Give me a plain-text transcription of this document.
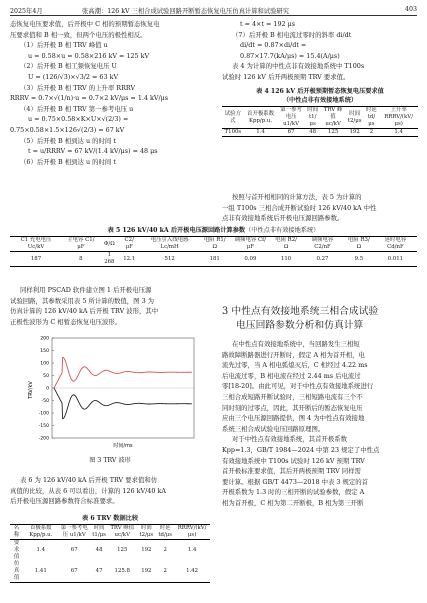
2025年4月	张高潮：126 kV 三相合成试验回路开断暂态恢复电压仿真计算和试验研究	403
态恢复电压要求值，后开极中 C 相的预期暂态恢复电
压要求值和 B 相一致，但两个电压的极性相反。
（1）后开极 B 相 TRV 峰值 u
u = 0.58×u = 0.58×216 kV = 125 kV
（2）后开极 B 相工频恢复电压 U
U = (126/√3)×√3/2 = 63 kV
（3）后开极 B 相 TRV 的上升率 RRRV
RRRV = 0.7×√(1/n)·u = 0.7×2 kV/μs = 1.4 kV/μs
（4）后开极 B 相 TRV 第一参考电压 u
u = 0.75×0.58×K×U×√(2/3) =
0.75×0.58×1.5×126√(2/3) = 67 kV
（5）后开极 B 相到达 u 的时间 t
t = u/RRRV = 67 kV/(1.4 kV/μs) = 48 μs
（6）后开极 B 相到达 u 的时间 t
t = 4×t = 192 μs
（7）后开极 B 相电流过零时的斜率 di/dt
di/dt = 0.87×di/dt =
0.87×17.7(kA/μs) = 15.4(A/μs)
表 4 为计算的中性点非有效接地系统中 T100s
试验时 126 kV 后开两极预期 TRV 要求值。
表 4 126 kV 后开极预期暂态恢复电压要求值
（中性点非有效接地系统）
试验方式	首开极系数 Kpp/p.u.	第一参考电压 u1/kV	时间 t1/μs	TRV 峰值 uc/kV	时间 t2/μs	时延 td/μs	上升率 RRRV/(kV/μs)
T100s	1.4	67	48	125	192	2	1.4
按照与首开相相同的计算方法，表 5 为计算的
一组 T100s 三相合成开断试验时 126 kV/40 kA 中性
点非有效接地系统后开极电压源回路参数。
表 5 126 kV/40 kA 后开极电压源回路计算参数（中性点非有效接地系统）
C1 充电电压 Uc/kV	主电容 C1/μF	Φ/Ω	C2/μF	电压引入线电感 Lc/mH	电阻 R1/Ω	调频电容 Cf/μF	电阻 R2/Ω	调频电容 C2/nF	电阻 R3/Ω	延时电容 Cd/nF
187	8	1 268	12.1	512	181	0.09	110	0.27	9.5	0.011
同样利用 PSCAD 软件建立图 1 后开极电压源
试验回路，其参数采用表 5 所计算的数值，图 3 为
仿真计算的 126 kV/40 kA 后开极 TRV 波形，其中
正极性波形为 C 相暂态恢复电压波形。
TRV/kV
200
150
100
50
0
-50
-100
-150
-200
时间/ms
图 3 TRV 波形
表 6 为 126 kV/40 kA 后开极 TRV 要求值和仿
真值的比较，从表 6 可以看出，计算的 126 kV/40 kA
后开极电压源回路参数符合标准要求。
表 6 TRV 数据比较
名称	首极系数 Kpp/p.u.	第一参考电压 u1/kV	时间 t1/μs	TRV 峰值 uc/kV	时间 t2/μs	时延 td/μs	RRRV/(kV/μs)
要求值	1.4	67	48	125	192	2	1.4
仿真值	1.41	67	47	125.8	192	2	1.42
3 中性点有效接地系统三相合成试验
电压回路参数分析和仿真计算
在中性点有效接地系统中，当回路发生三相短
路故障断路器进行开断时，假定 A 相为首开相，电
流先过零，当 A 相电弧熄灭后，C 相经过 4.22 ms
后电流过零，B 相电流在经过 2.44 ms 后电流过
零[18-20]。由此可见，对于中性点有效接地系统进行
三相合成短路开断试验时，三相短路电流有三个不
同时刻的过零点，因此，其开断后的暂态恢复电压
应由三个电压源回路提供，图 4 为中性点有效接地
系统三相合成试验电压回路原理图。
对于中性点有效接地系统，其首开极系数
Kpp=1.3，GB/T 1984—2024 中第 23 规定了中性点
有效接地系统中 T100s 试验时 126 kV 预期 TRV
首开极标准要求值，其后开两极预期 TRV 同样需
要计算。根据 GB/T 4473—2018 中表 3 规定的首
开极系数为 1.3 时的三相开断的试验参数，假定 A
相为首开极，C 相为第二开断极，B 相为第三开断
